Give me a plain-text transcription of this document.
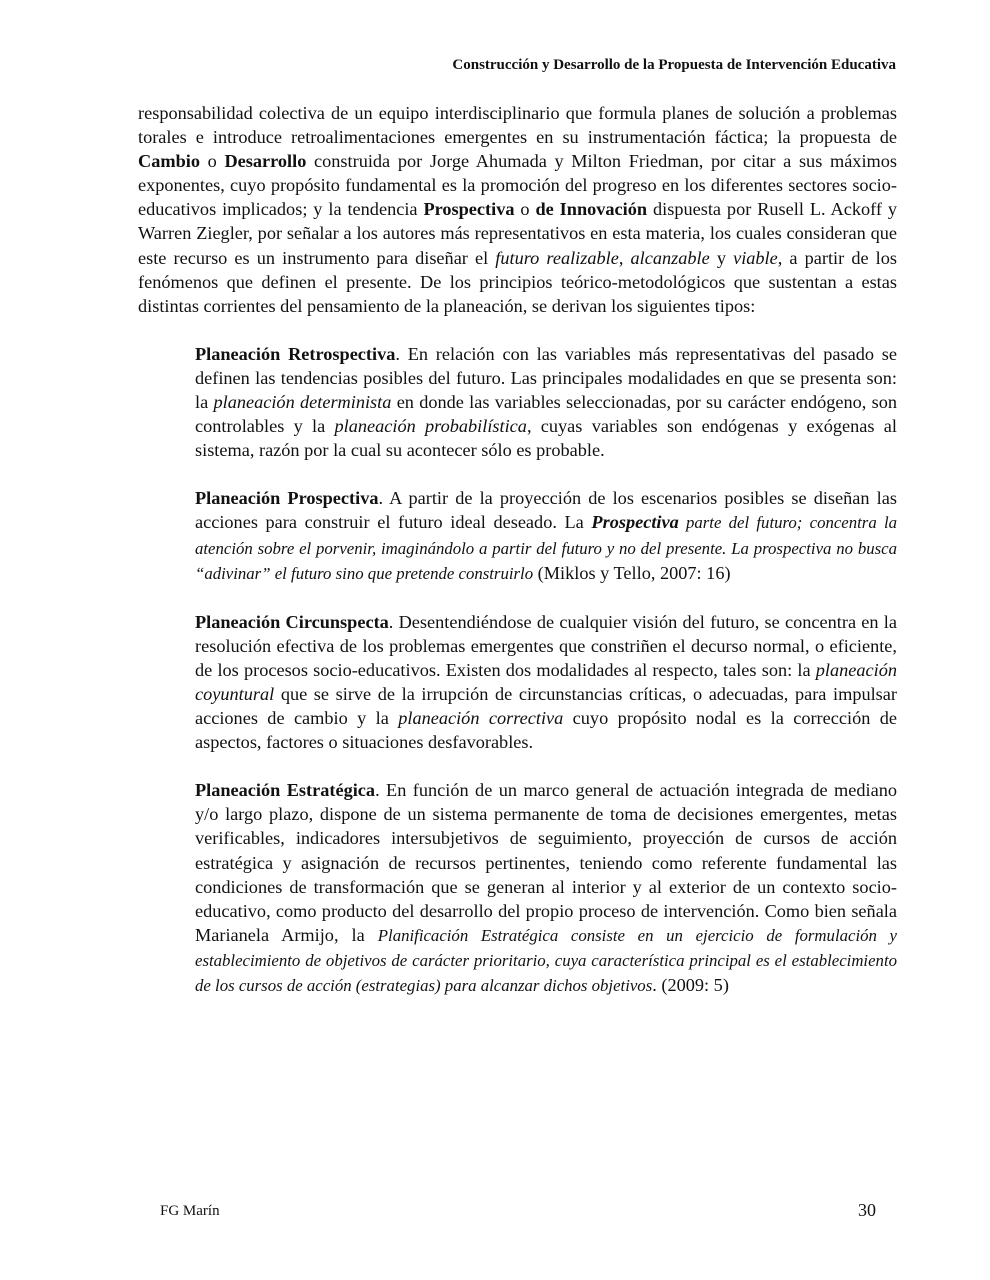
Construcción y Desarrollo de la Propuesta de Intervención Educativa

responsabilidad colectiva de un equipo interdisciplinario que formula planes de solución a problemas torales e introduce retroalimentaciones emergentes en su instrumentación fáctica; la propuesta de Cambio o Desarrollo construida por Jorge Ahumada y Milton Friedman, por citar a sus máximos exponentes, cuyo propósito fundamental es la promoción del progreso en los diferentes sectores socio-educativos implicados; y la tendencia Prospectiva o de Innovación dispuesta por Rusell L. Ackoff y Warren Ziegler, por señalar a los autores más representativos en esta materia, los cuales consideran que este recurso es un instrumento para diseñar el futuro realizable, alcanzable y viable, a partir de los fenómenos que definen el presente. De los principios teórico-metodológicos que sustentan a estas distintas corrientes del pensamiento de la planeación, se derivan los siguientes tipos:

Planeación Retrospectiva. En relación con las variables más representativas del pasado se definen las tendencias posibles del futuro. Las principales modalidades en que se presenta son: la planeación determinista en donde las variables seleccionadas, por su carácter endógeno, son controlables y la planeación probabilística, cuyas variables son endógenas y exógenas al sistema, razón por la cual su acontecer sólo es probable.

Planeación Prospectiva. A partir de la proyección de los escenarios posibles se diseñan las acciones para construir el futuro ideal deseado. La Prospectiva parte del futuro; concentra la atención sobre el porvenir, imaginándolo a partir del futuro y no del presente. La prospectiva no busca “adivinar” el futuro sino que pretende construirlo (Miklos y Tello, 2007: 16)

Planeación Circunspecta. Desentendiéndose de cualquier visión del futuro, se concentra en la resolución efectiva de los problemas emergentes que constriñen el decurso normal, o eficiente, de los procesos socio-educativos. Existen dos modalidades al respecto, tales son: la planeación coyuntural que se sirve de la irrupción de circunstancias críticas, o adecuadas, para impulsar acciones de cambio y la planeación correctiva cuyo propósito nodal es la corrección de aspectos, factores o situaciones desfavorables.

Planeación Estratégica. En función de un marco general de actuación integrada de mediano y/o largo plazo, dispone de un sistema permanente de toma de decisiones emergentes, metas verificables, indicadores intersubjetivos de seguimiento, proyección de cursos de acción estratégica y asignación de recursos pertinentes, teniendo como referente fundamental las condiciones de transformación que se generan al interior y al exterior de un contexto socio-educativo, como producto del desarrollo del propio proceso de intervención. Como bien señala Marianela Armijo, la Planificación Estratégica consiste en un ejercicio de formulación y establecimiento de objetivos de carácter prioritario, cuya característica principal es el establecimiento de los cursos de acción (estrategias) para alcanzar dichos objetivos. (2009: 5)

FG Marín	30
